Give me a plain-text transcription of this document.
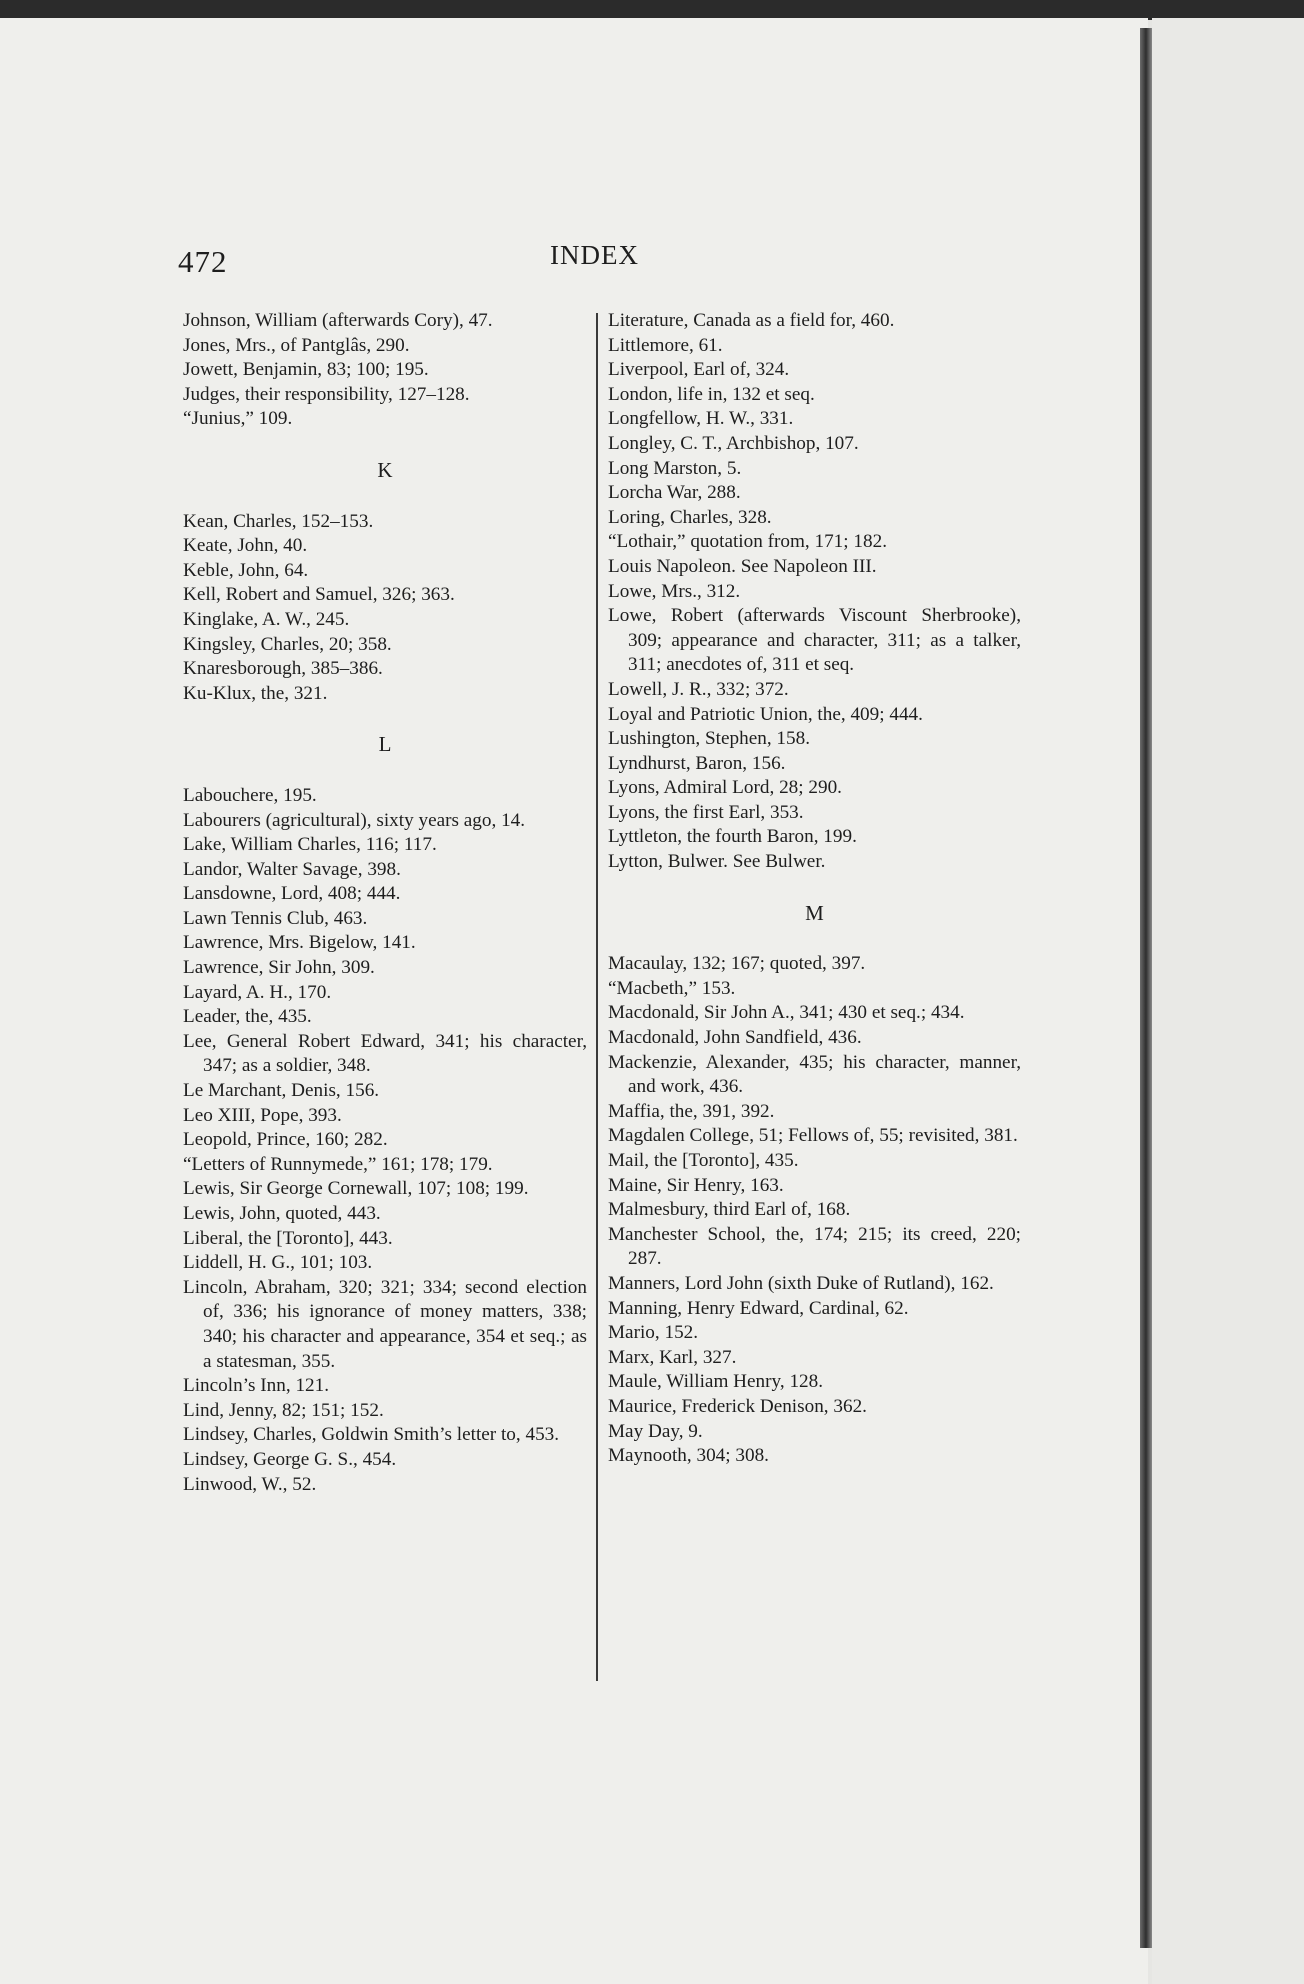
472	INDEX
Johnson, William (afterwards Cory), 47.
Jones, Mrs., of Pantglâs, 290.
Jowett, Benjamin, 83; 100; 195.
Judges, their responsibility, 127–128.
“Junius,” 109.
K
Kean, Charles, 152–153.
Keate, John, 40.
Keble, John, 64.
Kell, Robert and Samuel, 326; 363.
Kinglake, A. W., 245.
Kingsley, Charles, 20; 358.
Knaresborough, 385–386.
Ku-Klux, the, 321.
L
Labouchere, 195.
Labourers (agricultural), sixty years ago, 14.
Lake, William Charles, 116; 117.
Landor, Walter Savage, 398.
Lansdowne, Lord, 408; 444.
Lawn Tennis Club, 463.
Lawrence, Mrs. Bigelow, 141.
Lawrence, Sir John, 309.
Layard, A. H., 170.
Leader, the, 435.
Lee, General Robert Edward, 341; his character, 347; as a soldier, 348.
Le Marchant, Denis, 156.
Leo XIII, Pope, 393.
Leopold, Prince, 160; 282.
“Letters of Runnymede,” 161; 178; 179.
Lewis, Sir George Cornewall, 107; 108; 199.
Lewis, John, quoted, 443.
Liberal, the [Toronto], 443.
Liddell, H. G., 101; 103.
Lincoln, Abraham, 320; 321; 334; second election of, 336; his ignorance of money matters, 338; 340; his character and appearance, 354 et seq.; as a statesman, 355.
Lincoln’s Inn, 121.
Lind, Jenny, 82; 151; 152.
Lindsey, Charles, Goldwin Smith’s letter to, 453.
Lindsey, George G. S., 454.
Linwood, W., 52.
Literature, Canada as a field for, 460.
Littlemore, 61.
Liverpool, Earl of, 324.
London, life in, 132 et seq.
Longfellow, H. W., 331.
Longley, C. T., Archbishop, 107.
Long Marston, 5.
Lorcha War, 288.
Loring, Charles, 328.
“Lothair,” quotation from, 171; 182.
Louis Napoleon. See Napoleon III.
Lowe, Mrs., 312.
Lowe, Robert (afterwards Viscount Sherbrooke), 309; appearance and character, 311; as a talker, 311; anecdotes of, 311 et seq.
Lowell, J. R., 332; 372.
Loyal and Patriotic Union, the, 409; 444.
Lushington, Stephen, 158.
Lyndhurst, Baron, 156.
Lyons, Admiral Lord, 28; 290.
Lyons, the first Earl, 353.
Lyttleton, the fourth Baron, 199.
Lytton, Bulwer. See Bulwer.
M
Macaulay, 132; 167; quoted, 397.
“Macbeth,” 153.
Macdonald, Sir John A., 341; 430 et seq.; 434.
Macdonald, John Sandfield, 436.
Mackenzie, Alexander, 435; his character, manner, and work, 436.
Maffia, the, 391, 392.
Magdalen College, 51; Fellows of, 55; revisited, 381.
Mail, the [Toronto], 435.
Maine, Sir Henry, 163.
Malmesbury, third Earl of, 168.
Manchester School, the, 174; 215; its creed, 220; 287.
Manners, Lord John (sixth Duke of Rutland), 162.
Manning, Henry Edward, Cardinal, 62.
Mario, 152.
Marx, Karl, 327.
Maule, William Henry, 128.
Maurice, Frederick Denison, 362.
May Day, 9.
Maynooth, 304; 308.
